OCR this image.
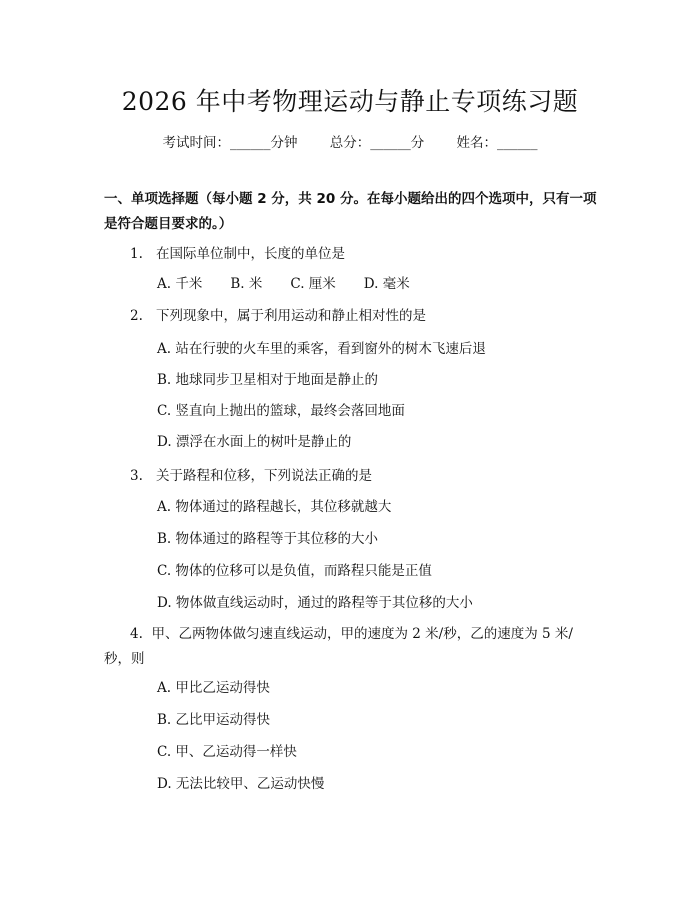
2026 年中考物理运动与静止专项练习题
考试时间：______分钟 总分：______分 姓名：______
一、单项选择题（每小题 2 分，共 20 分。在每小题给出的四个选项中，只有一项是符合题目要求的。）
1. 在国际单位制中，长度的单位是
A. 千米 B. 米 C. 厘米 D. 毫米
2. 下列现象中，属于利用运动和静止相对性的是
A. 站在行驶的火车里的乘客，看到窗外的树木飞速后退
B. 地球同步卫星相对于地面是静止的
C. 竖直向上抛出的篮球，最终会落回地面
D. 漂浮在水面上的树叶是静止的
3. 关于路程和位移，下列说法正确的是
A. 物体通过的路程越长，其位移就越大
B. 物体通过的路程等于其位移的大小
C. 物体的位移可以是负值，而路程只能是正值
D. 物体做直线运动时，通过的路程等于其位移的大小
4. 甲、乙两物体做匀速直线运动，甲的速度为 2 米/秒，乙的速度为 5 米/秒，则
A. 甲比乙运动得快
B. 乙比甲运动得快
C. 甲、乙运动得一样快
D. 无法比较甲、乙运动快慢
